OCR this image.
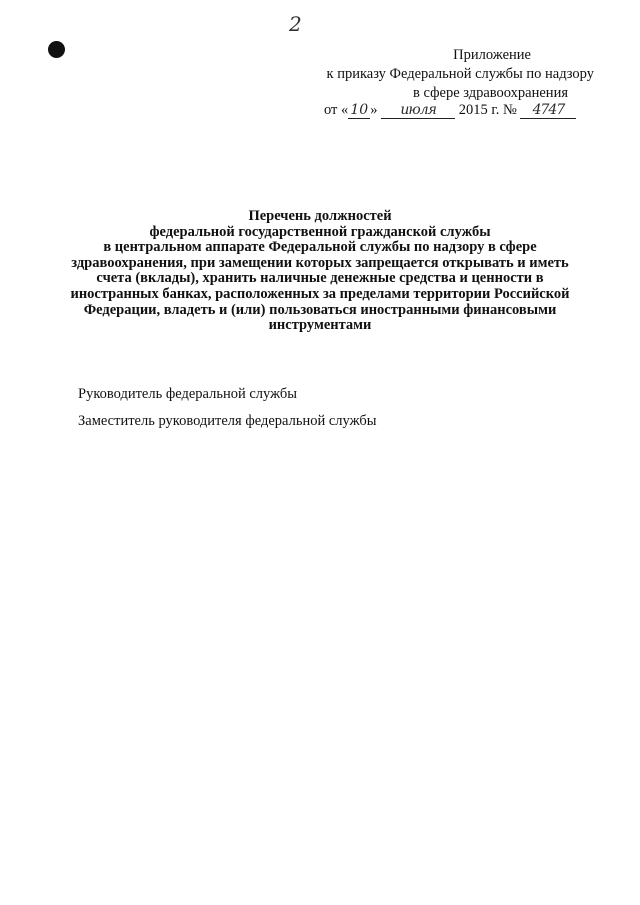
2
Приложение
к приказу Федеральной службы по надзору
в сфере здравоохранения
от « 10 » июля 2015 г. № 4747
Перечень должностей
федеральной государственной гражданской службы
в центральном аппарате Федеральной службы по надзору в сфере
здравоохранения, при замещении которых запрещается открывать и иметь
счета (вклады), хранить наличные денежные средства и ценности в
иностранных банках, расположенных за пределами территории Российской
Федерации, владеть и (или) пользоваться иностранными финансовыми
инструментами
Руководитель федеральной службы
Заместитель руководителя федеральной службы
